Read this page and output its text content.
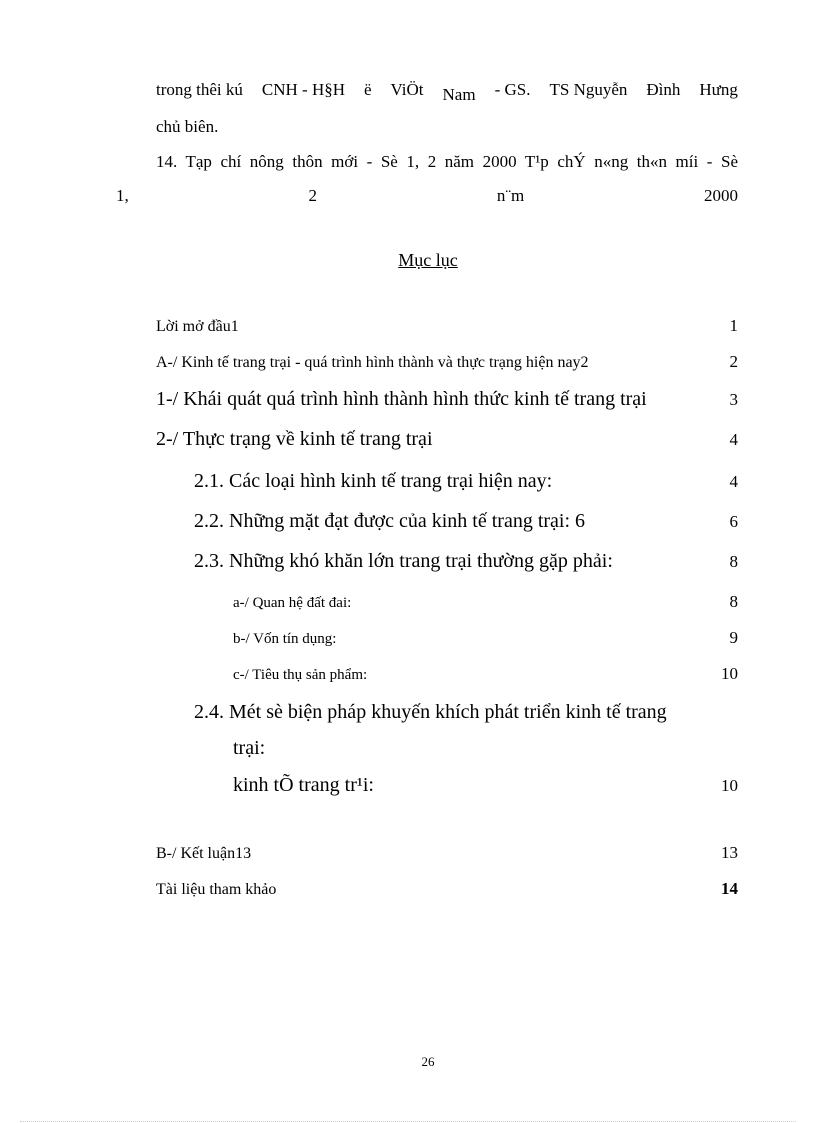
trong thêi kú CNH - H§H ë ViÖt Nam - GS. TS Nguyễn Đình Hưng
chủ biên.
14. Tạp chí nông thôn mới - Sè 1, 2 năm 2000 T¹p chÝ n«ng th«n míi - Sè
1,	2	n¨m	2000
Mục lục
Lời mở đầu1	1
A-/ Kinh tế trang trại - quá trình hình thành và thực trạng hiện nay2	2
1-/ Khái quát quá trình hình thành hình thức kinh tế trang trại	3
2-/ Thực trạng về kinh tế trang trại	4
2.1. Các loại hình kinh tế trang trại hiện nay:	4
2.2. Những mặt đạt được của kinh tế trang trại: 6	6
2.3. Những khó khăn lớn trang trại thường gặp phải:	8
a-/ Quan hệ đất đai:	8
b-/ Vốn tín dụng:	9
c-/ Tiêu thụ sản phẩm:	10
2.4. Mét sè biện pháp khuyến khích phát triển kinh tế trang
trại:
kinh tÕ trang tr¹i:	10
B-/ Kết luận13	13
Tài liệu tham khảo	14
26
